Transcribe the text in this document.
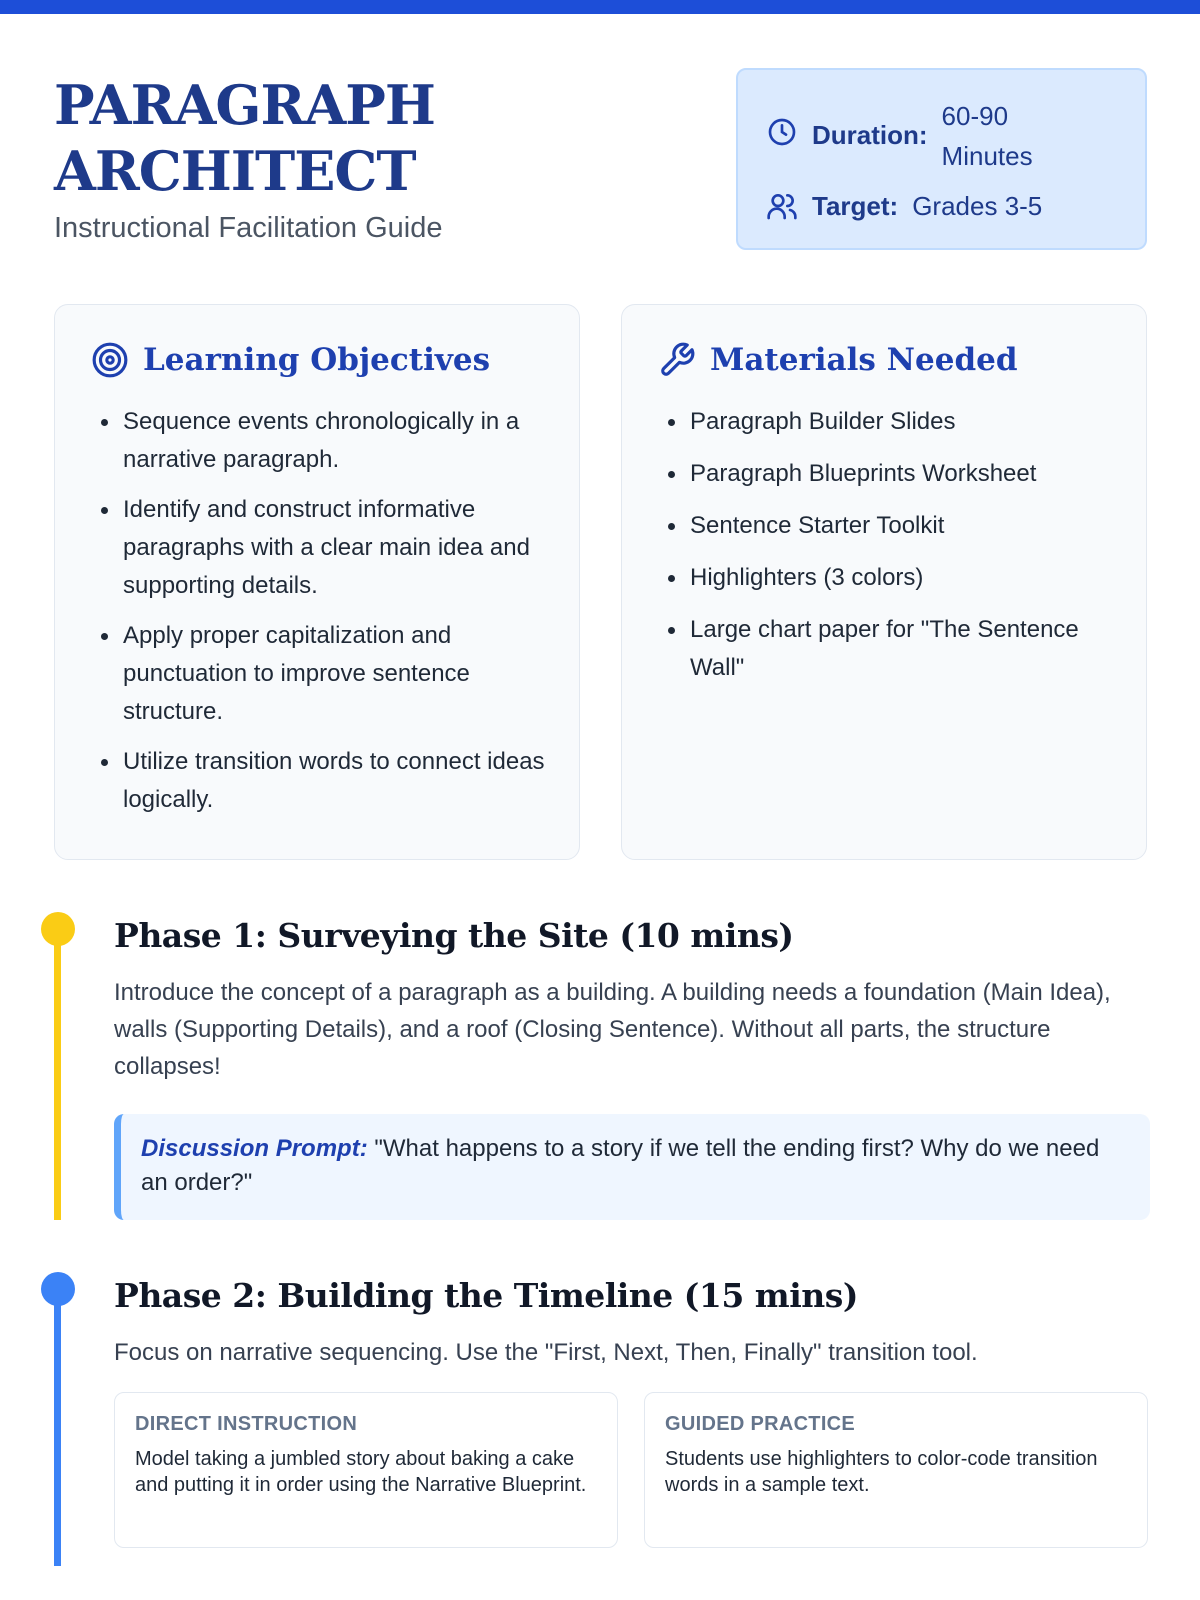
PARAGRAPH
ARCHITECT
Instructional Facilitation Guide
Duration:
60-90
Minutes
Target: Grades 3-5
Learning Objectives
Sequence events chronologically in a narrative paragraph.
Identify and construct informative paragraphs with a clear main idea and supporting details.
Apply proper capitalization and punctuation to improve sentence structure.
Utilize transition words to connect ideas logically.
Materials Needed
Paragraph Builder Slides
Paragraph Blueprints Worksheet
Sentence Starter Toolkit
Highlighters (3 colors)
Large chart paper for "The Sentence Wall"
Phase 1: Surveying the Site (10 mins)
Introduce the concept of a paragraph as a building. A building needs a foundation (Main Idea), walls (Supporting Details), and a roof (Closing Sentence). Without all parts, the structure collapses!
Discussion Prompt: "What happens to a story if we tell the ending first? Why do we need an order?"
Phase 2: Building the Timeline (15 mins)
Focus on narrative sequencing. Use the "First, Next, Then, Finally" transition tool.
DIRECT INSTRUCTION
Model taking a jumbled story about baking a cake and putting it in order using the Narrative Blueprint.
GUIDED PRACTICE
Students use highlighters to color-code transition words in a sample text.
